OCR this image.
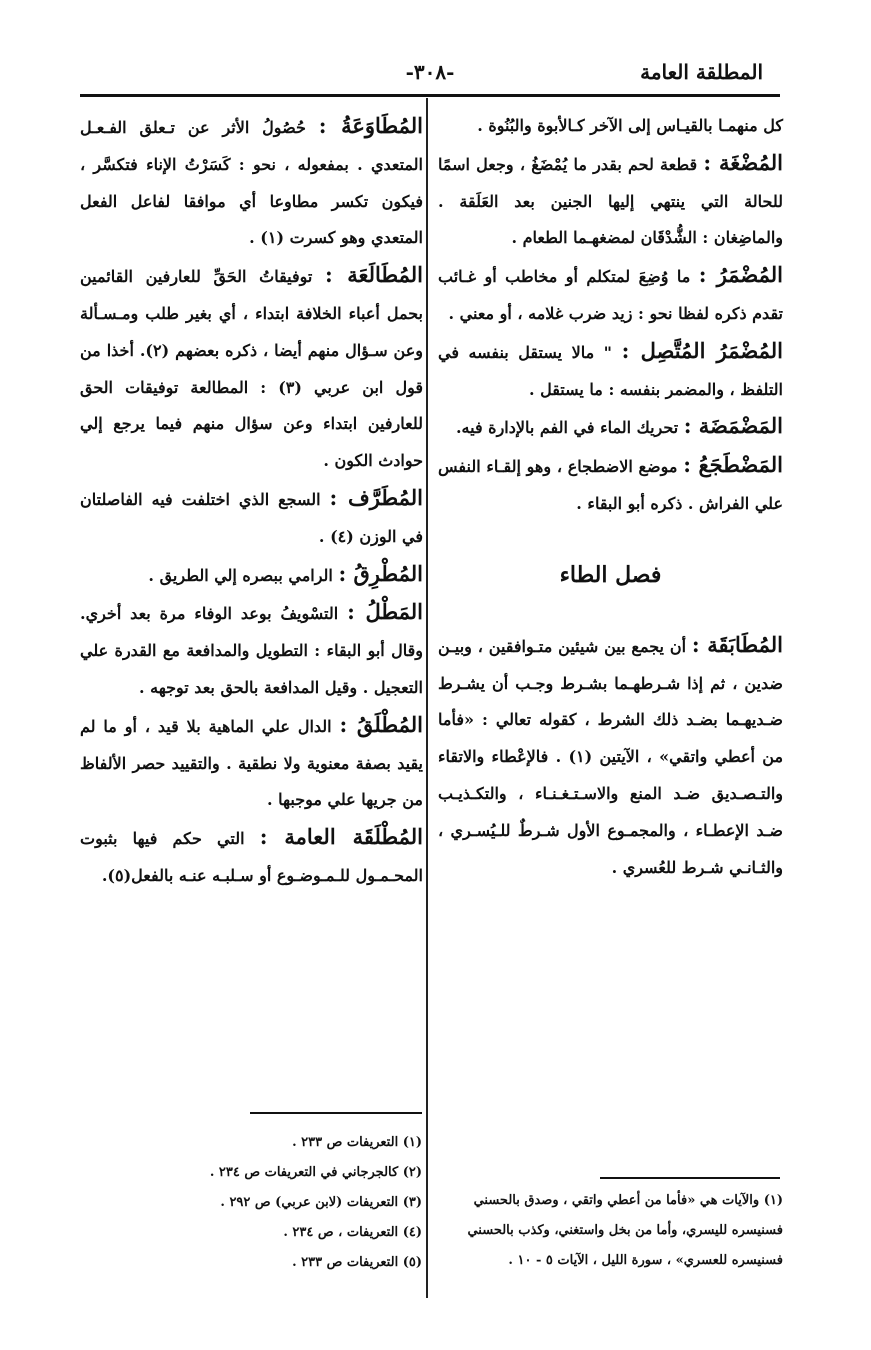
المطلقة العامة
-٣٠٨-

كل منهمـا بالقيـاس إلى الآخر كـالأبوة والبُنُوة .

المُضْغَة : قطعة لحم بقدر ما يُمْضَغُ ، وجعل اسمًا للحالة التي ينتهي إليها الجنين بعد العَلَقة . والماضِغان : الشُّدْقَان لمضغهـما الطعام .

المُضْمَرُ : ما وُضِعَ لمتكلم أو مخاطب أو غـائب تقدم ذكره لفظا نحو : زيد ضرب غلامه ، أو معني .

المُضْمَرُ المُتَّصِل : " مالا يستقل بنفسه في التلفظ ، والمضمر بنفسه : ما يستقل .

المَضْمَضَة : تحريك الماء في الفم بالإدارة فيه.

المَضْطَجَعُ : موضع الاضطجاع ، وهو إلقـاء النفس علي الفراش . ذكره أبو البقاء .

فصل الطاء

المُطَابَقَة : أن يجمع بين شيئين متـوافقين ، وبيـن ضدين ، ثم إذا شـرطهـما بشـرط وجـب أن يشـرط ضـديهـما بضـد ذلك الشرط ، كقوله تعالي : «فأما من أعطي واتقي» ، الآيتين (١) . فالإعْطاء والاتقاء والتـصـديق ضـد المنع والاسـتـغـنـاء ، والتكـذيـب ضـد الإعطـاء ، والمجمـوع الأول شـرطٌ للـيُسـري ، والثـانـي شـرط للعُسري .

المُطَاوَعَةُ : حُصُولُ الأثر عن تـعلق الفـعـل المتعدي . بمفعوله ، نحو : كَسَرْتُ الإناء فتكسَّر ، فيكون تكسر مطاوعا أي موافقا لفاعل الفعل المتعدي وهو كسرت (١) .

المُطَالَعَة : توفيقاتُ الحَقِّ للعارفين القائمين بحمل أعباء الخلافة ابتداء ، أي بغير طلب ومـسـألة وعن سـؤال منهم أيضا ، ذكره بعضهم (٢). أخذا من قول ابن عربي (٣) : المطالعة توفيقات الحق للعارفين ابتداء وعن سؤال منهم فيما يرجع إلي حوادث الكون .

المُطَرَّف : السجع الذي اختلفت فيه الفاصلتان في الوزن (٤) .

المُطْرِقُ : الرامي ببصره إلي الطريق .

المَطْلُ : التسْويفُ بوعد الوفاء مرة بعد أخري. وقال أبو البقاء : التطويل والمدافعة مع القدرة علي التعجيل . وقيل المدافعة بالحق بعد توجهه .

المُطْلَقُ : الدال علي الماهية بلا قيد ، أو ما لم يقيد بصفة معنوية ولا نطقية . والتقييد حصر الألفاظ من جريها علي موجبها .

المُطْلَقَة العامة : التي حكم فيها بثبوت المحـمـول للـمـوضـوع أو سـلبـه عنـه بالفعل(٥).

(١) والآيات هي «فأما من أعطي واتقي ، وصدق بالحسني فسنيسره لليسري، وأما من بخل واستغني، وكذب بالحسني فسنيسره للعسري» ، سورة الليل ، الآيات ٥ - ١٠ .

(١) التعريفات ص ٢٣٣ .

(٢) كالجرجاني في التعريفات ص ٢٣٤ .

(٣) التعريفات (لابن عربي) ص ٢٩٢ .

(٤) التعريفات ، ص ٢٣٤ .

(٥) التعريفات ص ٢٣٣ .
